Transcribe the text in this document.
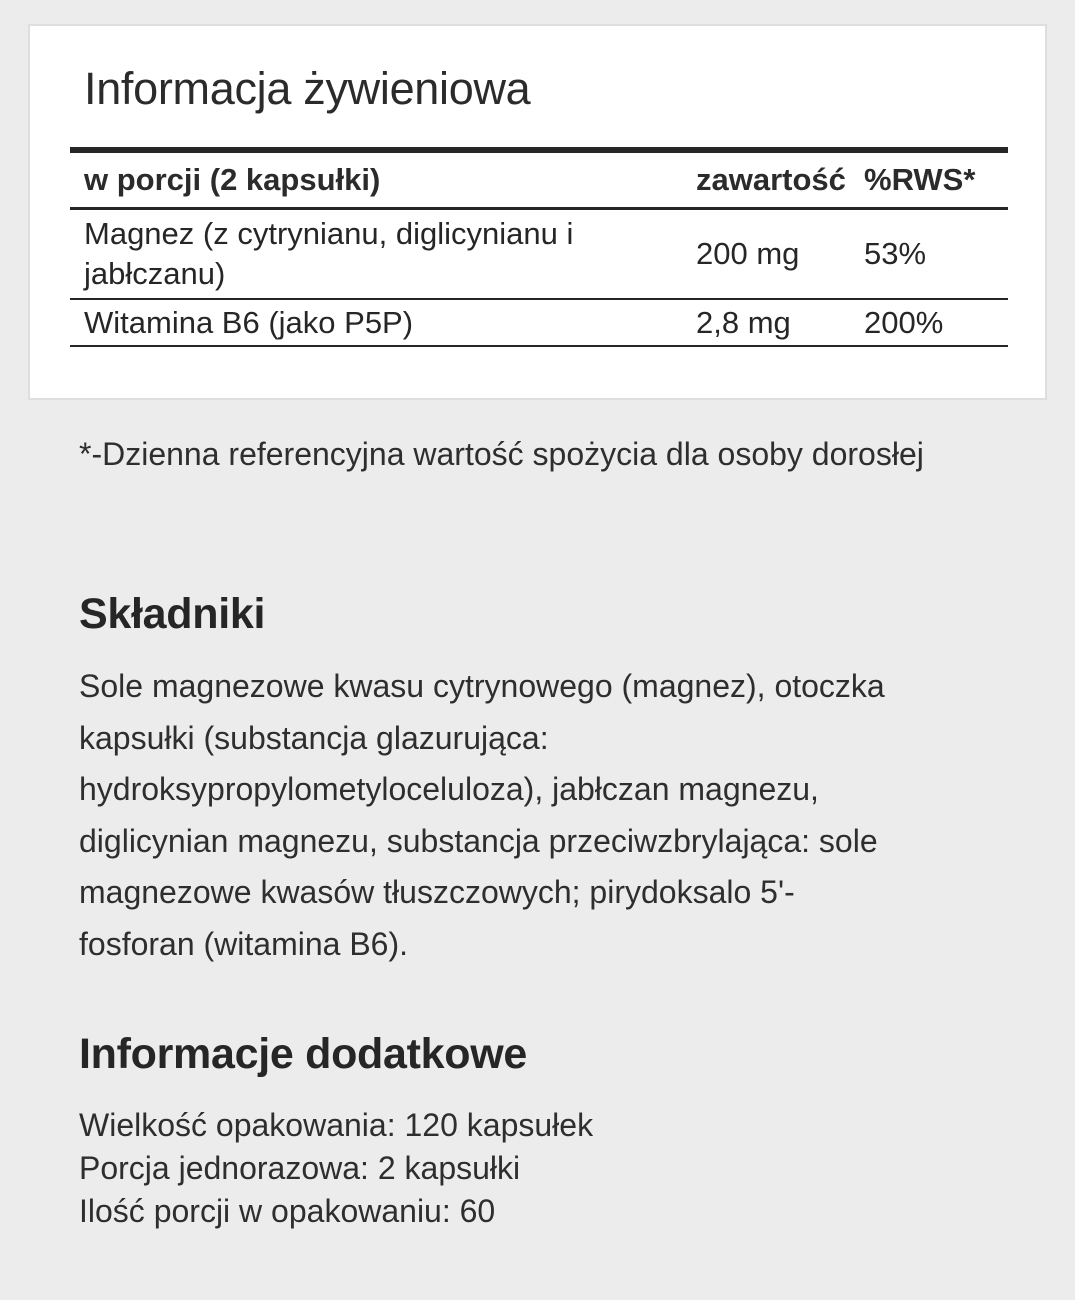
Informacja żywieniowa
w porcji (2 kapsułki)	zawartość	%RWS*
Magnez (z cytrynianu, diglicynianu i jabłczanu)	200 mg	53%
Witamina B6 (jako P5P)	2,8 mg	200%

*-Dzienna referencyjna wartość spożycia dla osoby dorosłej

Składniki

Sole magnezowe kwasu cytrynowego (magnez), otoczka
kapsułki (substancja glazurująca:
hydroksypropylometyloceluloza), jabłczan magnezu,
diglicynian magnezu, substancja przeciwzbrylająca: sole
magnezowe kwasów tłuszczowych; pirydoksalo 5'-
fosforan (witamina B6).

Informacje dodatkowe
Wielkość opakowania: 120 kapsułek
Porcja jednorazowa: 2 kapsułki
Ilość porcji w opakowaniu: 60
